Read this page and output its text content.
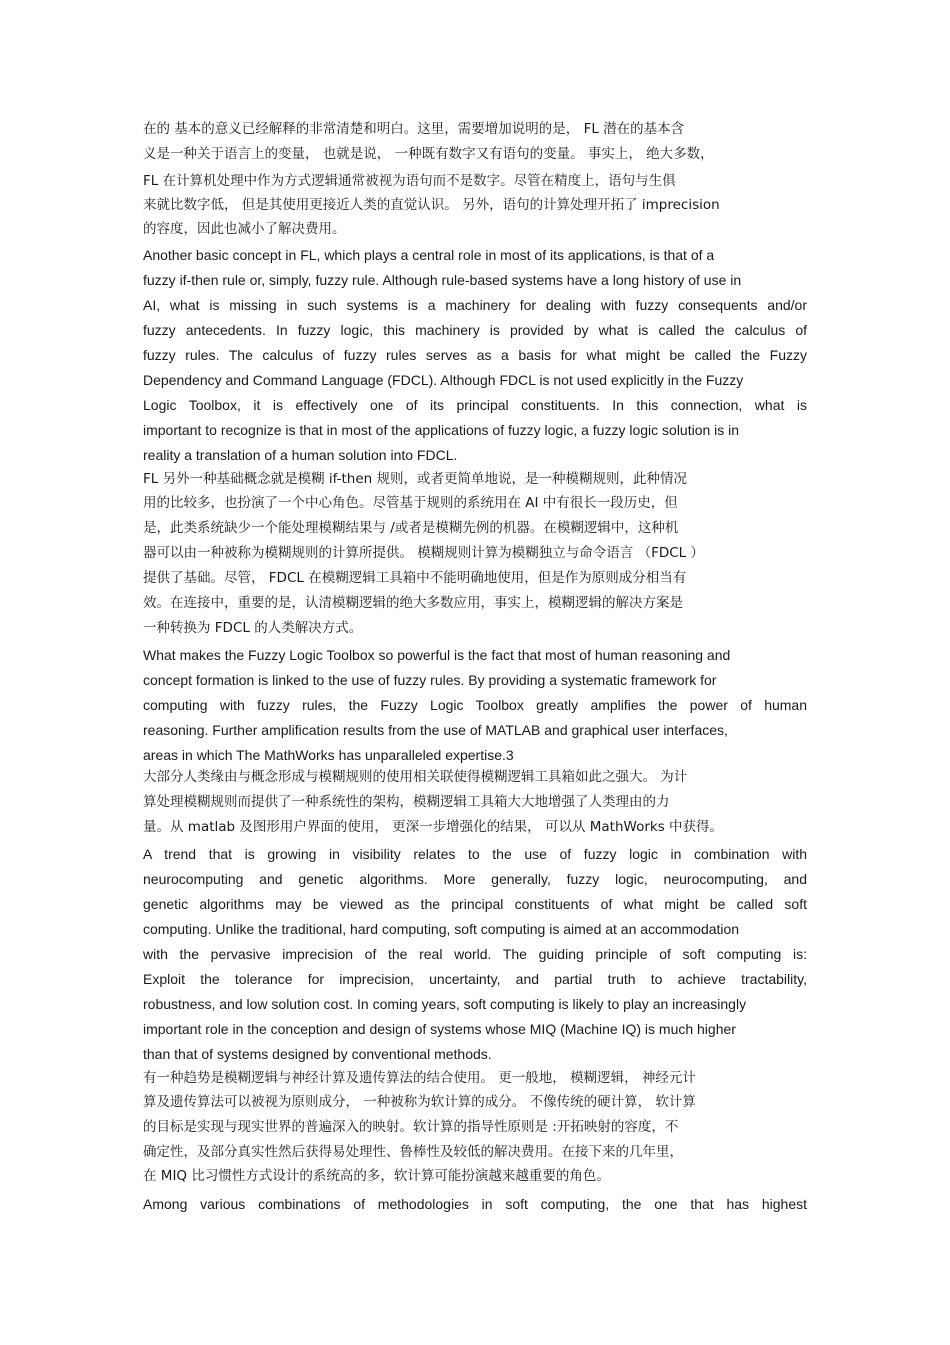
在的 基本的意义已经解释的非常清楚和明白。这里，需要增加说明的是， FL 潜在的基本含

义是一种关于语言上的变量， 也就是说， 一种既有数字又有语句的变量。 事实上， 绝大多数，

FL 在计算机处理中作为方式逻辑通常被视为语句而不是数字。尽管在精度上，语句与生俱

来就比数字低， 但是其使用更接近人类的直觉认识。 另外，语句的计算处理开拓了 imprecision

的容度，因此也减小了解决费用。

Another basic concept in FL, which plays a central role in most of its applications, is that of a

fuzzy if-then rule or, simply, fuzzy rule. Although rule-based systems have a long history of use in

AI, what is missing in such systems is a machinery for dealing with fuzzy consequents and/or

fuzzy antecedents. In fuzzy logic, this machinery is provided by what is called the calculus of

fuzzy rules. The calculus of fuzzy rules serves as a basis for what might be called the Fuzzy

Dependency and Command Language (FDCL). Although FDCL is not used explicitly in the Fuzzy

Logic Toolbox, it is effectively one of its principal constituents. In this connection, what is

important to recognize is that in most of the applications of fuzzy logic, a fuzzy logic solution is in

reality a translation of a human solution into FDCL.

FL 另外一种基础概念就是模糊 if-then 规则，或者更简单地说，是一种模糊规则，此种情况

用的比较多，也扮演了一个中心角色。尽管基于规则的系统用在 AI 中有很长一段历史，但

是，此类系统缺少一个能处理模糊结果与 /或者是模糊先例的机器。在模糊逻辑中，这种机

器可以由一种被称为模糊规则的计算所提供。 模糊规则计算为模糊独立与命令语言 （FDCL ）

提供了基础。尽管， FDCL 在模糊逻辑工具箱中不能明确地使用，但是作为原则成分相当有

效。在连接中，重要的是，认清模糊逻辑的绝大多数应用，事实上，模糊逻辑的解决方案是

一种转换为 FDCL 的人类解决方式。

What makes the Fuzzy Logic Toolbox so powerful is the fact that most of human reasoning and

concept formation is linked to the use of fuzzy rules. By providing a systematic framework for

computing with fuzzy rules, the Fuzzy Logic Toolbox greatly amplifies the power of human

reasoning. Further amplification results from the use of MATLAB and graphical user interfaces,

areas in which The MathWorks has unparalleled expertise.3

大部分人类缘由与概念形成与模糊规则的使用相关联使得模糊逻辑工具箱如此之强大。 为计

算处理模糊规则而提供了一种系统性的架构，模糊逻辑工具箱大大地增强了人类理由的力

量。从 matlab 及图形用户界面的使用， 更深一步增强化的结果， 可以从 MathWorks 中获得。

A trend that is growing in visibility relates to the use of fuzzy logic in combination with

neurocomputing and genetic algorithms. More generally, fuzzy logic, neurocomputing, and

genetic algorithms may be viewed as the principal constituents of what might be called soft

computing. Unlike the traditional, hard computing, soft computing is aimed at an accommodation

with the pervasive imprecision of the real world. The guiding principle of soft computing is:

Exploit the tolerance for imprecision, uncertainty, and partial truth to achieve tractability,

robustness, and low solution cost. In coming years, soft computing is likely to play an increasingly

important role in the conception and design of systems whose MIQ (Machine IQ) is much higher

than that of systems designed by conventional methods.

有一种趋势是模糊逻辑与神经计算及遗传算法的结合使用。 更一般地， 模糊逻辑， 神经元计

算及遗传算法可以被视为原则成分， 一种被称为软计算的成分。 不像传统的硬计算， 软计算

的目标是实现与现实世界的普遍深入的映射。软计算的指导性原则是 :开拓映射的容度，不

确定性，及部分真实性然后获得易处理性、鲁棒性及较低的解决费用。在接下来的几年里，

在 MIQ 比习惯性方式设计的系统高的多，软计算可能扮演越来越重要的角色。

Among various combinations of methodologies in soft computing, the one that has highest
